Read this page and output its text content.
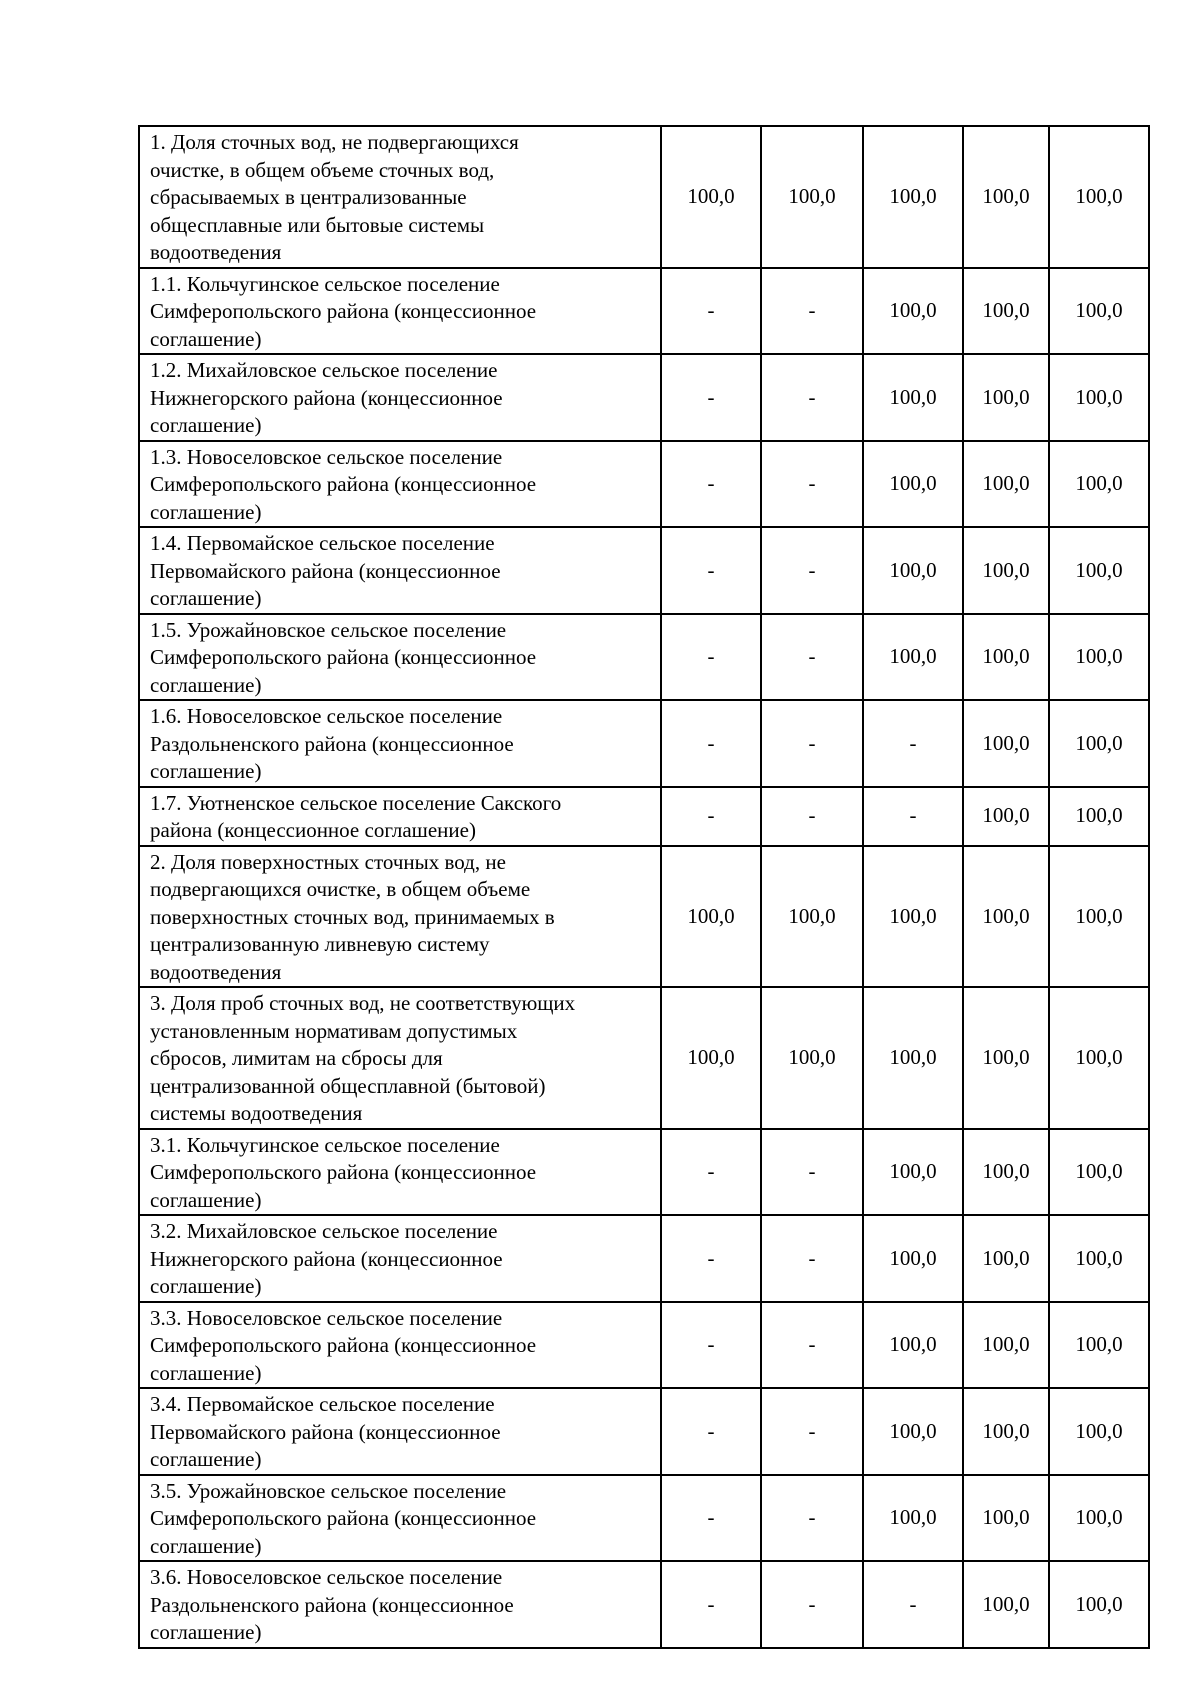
1. Доля сточных вод, не подвергающихся
очистке, в общем объеме сточных вод,
сбрасываемых в централизованные
общесплавные или бытовые системы
водоотведения	100,0	100,0	100,0	100,0	100,0
1.1. Кольчугинское сельское поселение
Симферопольского района (концессионное
соглашение)	-	-	100,0	100,0	100,0
1.2. Михайловское сельское поселение
Нижнегорского района (концессионное
соглашение)	-	-	100,0	100,0	100,0
1.3. Новоселовское сельское поселение
Симферопольского района (концессионное
соглашение)	-	-	100,0	100,0	100,0
1.4. Первомайское сельское поселение
Первомайского района (концессионное
соглашение)	-	-	100,0	100,0	100,0
1.5. Урожайновское сельское поселение
Симферопольского района (концессионное
соглашение)	-	-	100,0	100,0	100,0
1.6. Новоселовское сельское поселение
Раздольненского района (концессионное
соглашение)	-	-	-	100,0	100,0
1.7. Уютненское сельское поселение Сакского
района (концессионное соглашение)	-	-	-	100,0	100,0
2. Доля поверхностных сточных вод, не
подвергающихся очистке, в общем объеме
поверхностных сточных вод, принимаемых в
централизованную ливневую систему
водоотведения	100,0	100,0	100,0	100,0	100,0
3. Доля проб сточных вод, не соответствующих
установленным нормативам допустимых
сбросов, лимитам на сбросы для
централизованной общесплавной (бытовой)
системы водоотведения	100,0	100,0	100,0	100,0	100,0
3.1. Кольчугинское сельское поселение
Симферопольского района (концессионное
соглашение)	-	-	100,0	100,0	100,0
3.2. Михайловское сельское поселение
Нижнегорского района (концессионное
соглашение)	-	-	100,0	100,0	100,0
3.3. Новоселовское сельское поселение
Симферопольского района (концессионное
соглашение)	-	-	100,0	100,0	100,0
3.4. Первомайское сельское поселение
Первомайского района (концессионное
соглашение)	-	-	100,0	100,0	100,0
3.5. Урожайновское сельское поселение
Симферопольского района (концессионное
соглашение)	-	-	100,0	100,0	100,0
3.6. Новоселовское сельское поселение
Раздольненского района (концессионное
соглашение)	-	-	-	100,0	100,0
